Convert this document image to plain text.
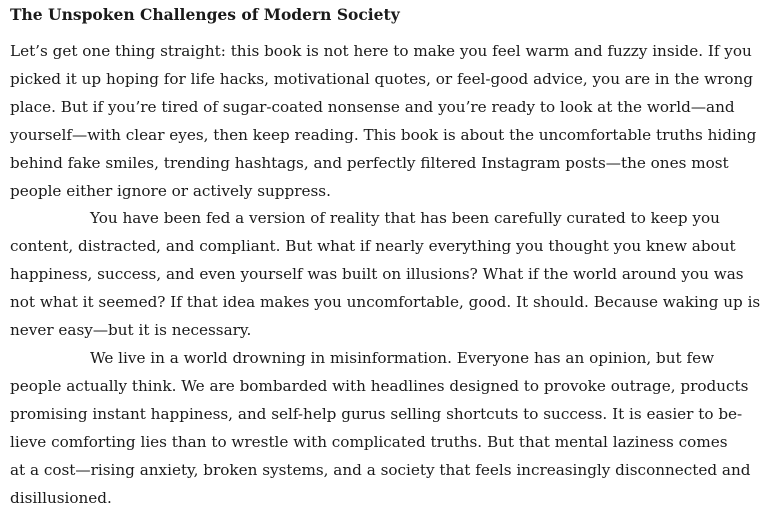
The Unspoken Challenges of Modern Society

Let’s get one thing straight: this book is not here to make you feel warm and fuzzy inside. If you
picked it up hoping for life hacks, motivational quotes, or feel-good advice, you are in the wrong
place. But if you’re tired of sugar-coated nonsense and you’re ready to look at the world—and
yourself—with clear eyes, then keep reading. This book is about the uncomfortable truths hiding
behind fake smiles, trending hashtags, and perfectly filtered Instagram posts—the ones most
people either ignore or actively suppress.

You have been fed a version of reality that has been carefully curated to keep you
content, distracted, and compliant. But what if nearly everything you thought you knew about
happiness, success, and even yourself was built on illusions? What if the world around you was
not what it seemed? If that idea makes you uncomfortable, good. It should. Because waking up is
never easy—but it is necessary.

We live in a world drowning in misinformation. Everyone has an opinion, but few
people actually think. We are bombarded with headlines designed to provoke outrage, products
promising instant happiness, and self-help gurus selling shortcuts to success. It is easier to be-
lieve comforting lies than to wrestle with complicated truths. But that mental laziness comes
at a cost—rising anxiety, broken systems, and a society that feels increasingly disconnected and
disillusioned.
